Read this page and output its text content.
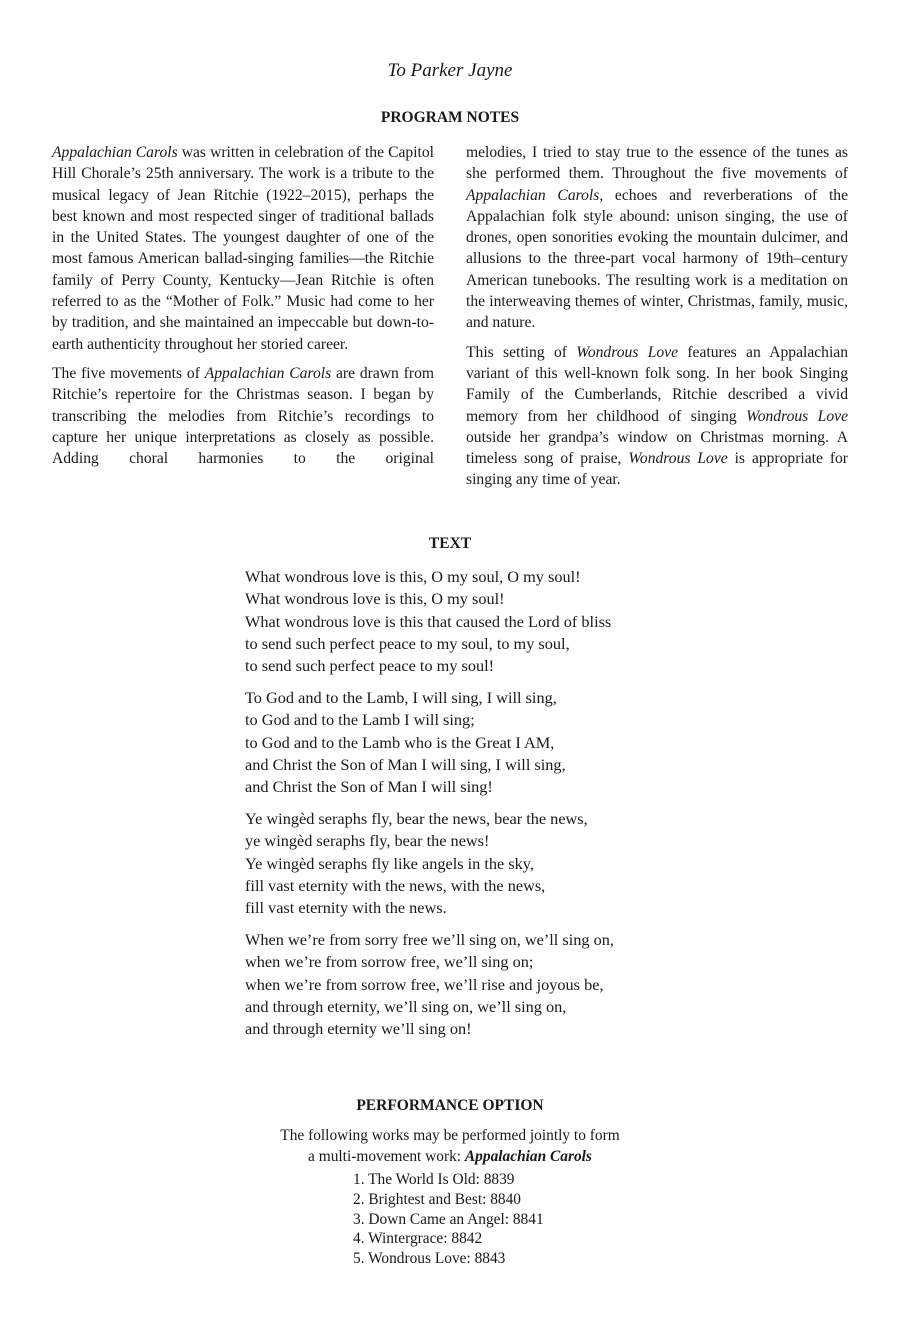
To Parker Jayne
PROGRAM NOTES

Appalachian Carols was written in celebration of the Capitol Hill Chorale’s 25th anniversary. The work is a tribute to the musical legacy of Jean Ritchie (1922–2015), perhaps the best known and most respected singer of traditional ballads in the United States. The youngest daughter of one of the most famous American ballad-singing families—the Ritchie family of Perry County, Kentucky—Jean Ritchie is often referred to as the “Mother of Folk.” Music had come to her by tradition, and she maintained an impeccable but down-to-earth authenticity throughout her storied career.

The five movements of Appalachian Carols are drawn from Ritchie’s repertoire for the Christmas season. I began by transcribing the melodies from Ritchie’s recordings to capture her unique interpretations as closely as possible. Adding choral harmonies to the original

melodies, I tried to stay true to the essence of the tunes as she performed them. Throughout the five movements of Appalachian Carols, echoes and reverberations of the Appalachian folk style abound: unison singing, the use of drones, open sonorities evoking the mountain dulcimer, and allusions to the three-part vocal harmony of 19th–century American tunebooks. The resulting work is a meditation on the interweaving themes of winter, Christmas, family, music, and nature.

This setting of Wondrous Love features an Appalachian variant of this well-known folk song. In her book Singing Family of the Cumberlands, Ritchie described a vivid memory from her childhood of singing Wondrous Love outside her grandpa’s window on Christmas morning. A timeless song of praise, Wondrous Love is appropriate for singing any time of year.

TEXT
What wondrous love is this, O my soul, O my soul!
What wondrous love is this, O my soul!
What wondrous love is this that caused the Lord of bliss
to send such perfect peace to my soul, to my soul,
to send such perfect peace to my soul!
To God and to the Lamb, I will sing, I will sing,
to God and to the Lamb I will sing;
to God and to the Lamb who is the Great I AM,
and Christ the Son of Man I will sing, I will sing,
and Christ the Son of Man I will sing!
Ye wingèd seraphs fly, bear the news, bear the news,
ye wingèd seraphs fly, bear the news!
Ye wingèd seraphs fly like angels in the sky,
fill vast eternity with the news, with the news,
fill vast eternity with the news.
When we’re from sorry free we’ll sing on, we’ll sing on,
when we’re from sorrow free, we’ll sing on;
when we’re from sorrow free, we’ll rise and joyous be,
and through eternity, we’ll sing on, we’ll sing on,
and through eternity we’ll sing on!
PERFORMANCE OPTION
The following works may be performed jointly to form
a multi-movement work: Appalachian Carols
1. The World Is Old: 8839
2. Brightest and Best: 8840
3. Down Came an Angel: 8841
4. Wintergrace: 8842
5. Wondrous Love: 8843
